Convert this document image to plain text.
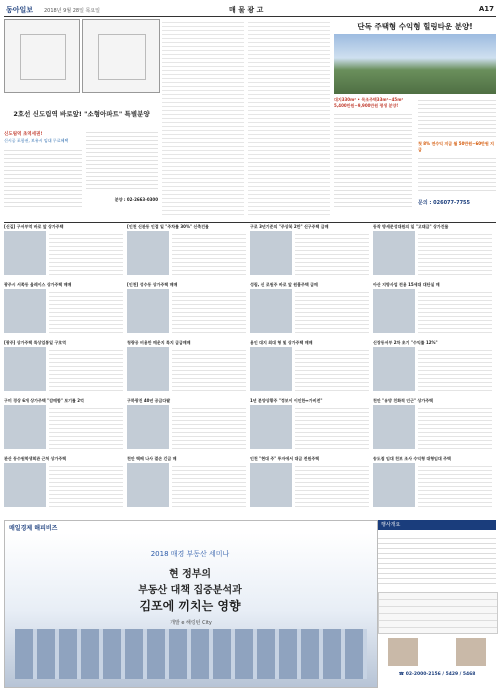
동아일보 2018년 9월 28일 목요일	매 물 광 고	A17
2호선 신도림역 바로앞! "소형아파트" 특별분양
신도림역 초역세권!
신시공 포함권, 보유시 임대 무료혜택
분양 : 02-2663-0300
단독 주택형 수익형 힐링타운 분양!
대지330m² • 목조주택33m²~45m²
5,400만원~9,900만원 평생 분양!
첫 8% 연수익 지급 월 50만원~60만원 지급
문의 : 026077-7755
[신길] 구서부역 바로 앞 상가주택	[인천 신관동 인접 일 "주차를 30%" 신축건물	구로 3년기준의 "주상복 2만" 신구주택 급매	동작 방세문성대원의 일 "고태급" 상가건물
광주시 서쪽동 올레이스 상가주택 매매	[인천] 성수동 상가주택 매매	성림, 신 로원주 바로 앞 원룸주택 급매	아산 지방사업 전용 15세대 대단실 매
[광주] 상가주택 특상업통일 구호역	청량공 비용만 매운지 특지 급급매매	용인 대지 최대 형 및 상가주택 매매	신장동서부 2차 초기 "수익률 12%"
구미 경상 6개 상가주택 "감매함" 보기를 2억	구하광진 40년 공급다팔	1년 분양상황주 "정보이 이인한↔가비전"	천안 "유망 친화적 인근" 상가주택
관산 동수원학생회관 근처 상가주택	천안 택배 나사 결손 긴급 매	인천 "현대 주" 투자에서 대급 전원주택	송도점 임대 천보 조사 수익형 대형임대 주택
매일경제 해피비즈
2018 매경 부동산 세미나
현 정부의
부동산 대책 집중분석과
김포에 끼치는 영향
개발 e 해링턴 City
행사개요
☎ 02-2000-2156 / 5429 / 5468
